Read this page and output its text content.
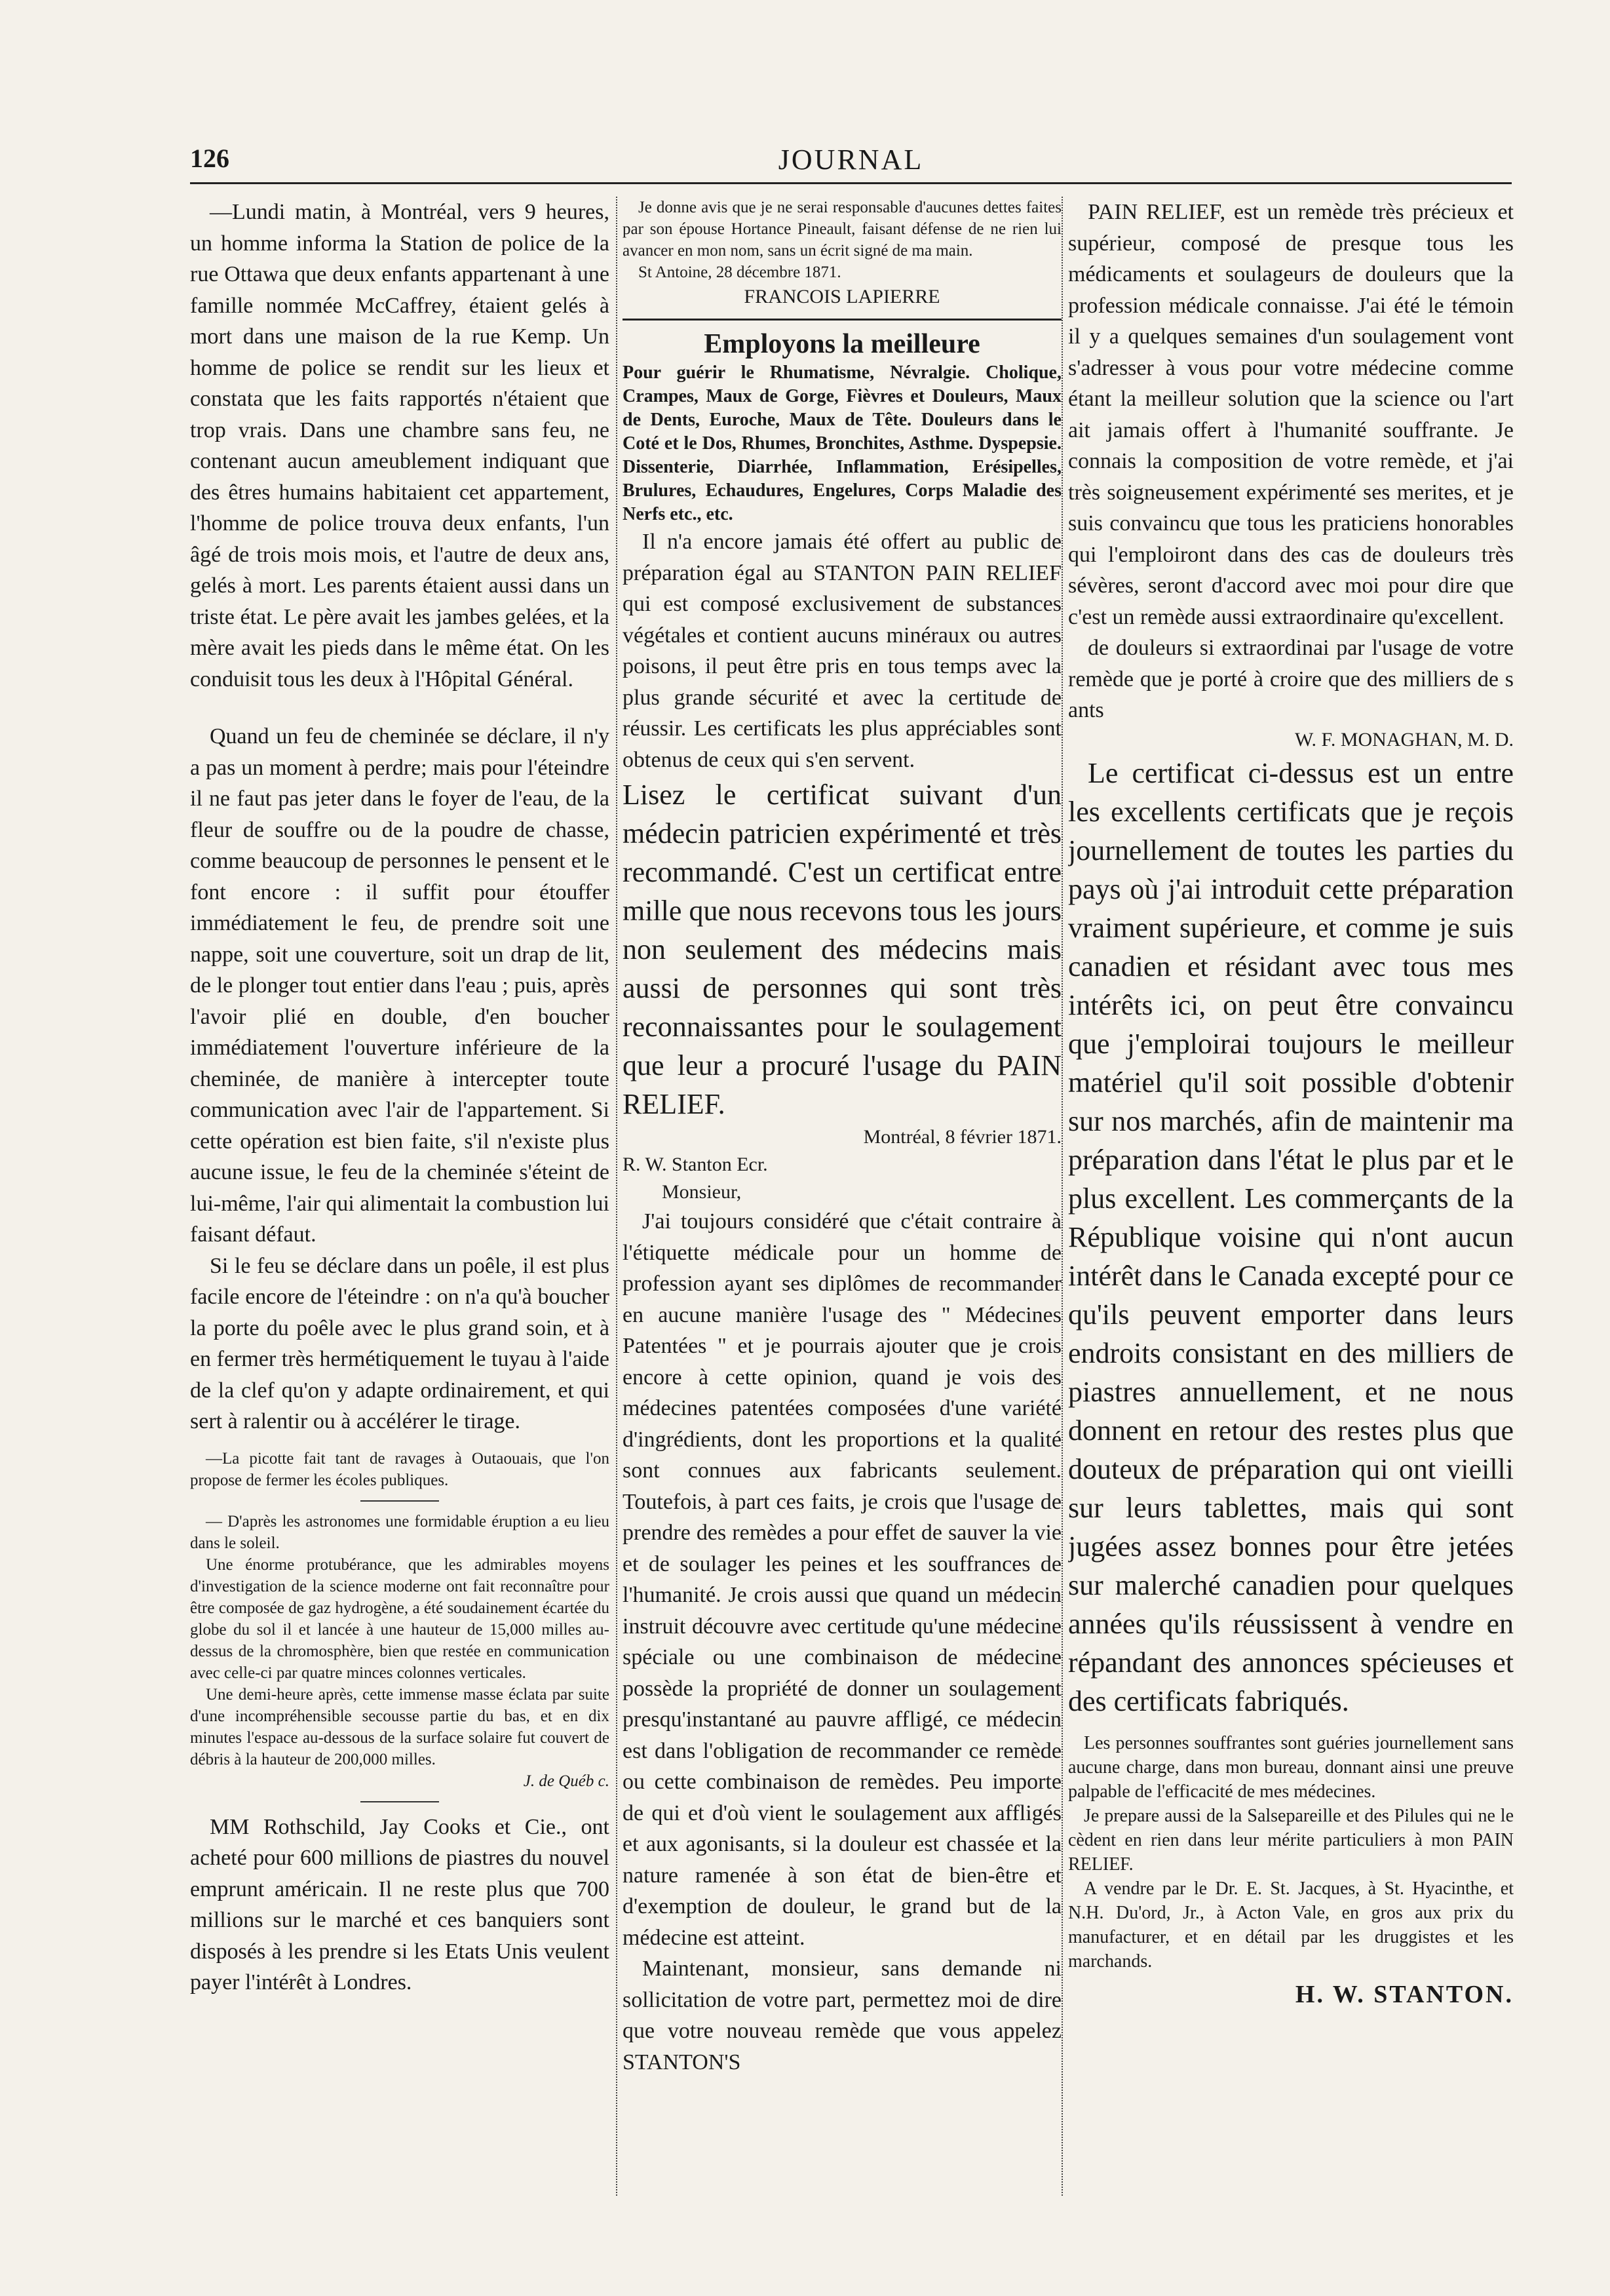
126	JOURNAL

—Lundi matin, à Montréal, vers 9 heures, un homme informa la Station de police de la rue Ottawa que deux enfants appartenant à une famille nommée McCaffrey, étaient gelés à mort dans une maison de la rue Kemp. Un homme de police se rendit sur les lieux et constata que les faits rapportés n'étaient que trop vrais. Dans une chambre sans feu, ne contenant aucun ameublement indiquant que des êtres humains habitaient cet appartement, l'homme de police trouva deux enfants, l'un âgé de trois mois mois, et l'autre de deux ans, gelés à mort. Les parents étaient aussi dans un triste état. Le père avait les jambes gelées, et la mère avait les pieds dans le même état. On les conduisit tous les deux à l'Hôpital Général.

Quand un feu de cheminée se déclare, il n'y a pas un moment à perdre; mais pour l'éteindre il ne faut pas jeter dans le foyer de l'eau, de la fleur de souffre ou de la poudre de chasse, comme beaucoup de personnes le pensent et le font encore : il suffit pour étouffer immédiatement le feu, de prendre soit une nappe, soit une couverture, soit un drap de lit, de le plonger tout entier dans l'eau ; puis, après l'avoir plié en double, d'en boucher immédiatement l'ouverture inférieure de la cheminée, de manière à intercepter toute communication avec l'air de l'appartement. Si cette opération est bien faite, s'il n'existe plus aucune issue, le feu de la cheminée s'éteint de lui-même, l'air qui alimentait la combustion lui faisant défaut.

Si le feu se déclare dans un poêle, il est plus facile encore de l'éteindre : on n'a qu'à boucher la porte du poêle avec le plus grand soin, et à en fermer très hermétiquement le tuyau à l'aide de la clef qu'on y adapte ordinairement, et qui sert à ralentir ou à accélérer le tirage.

—La picotte fait tant de ravages à Outaouais, que l'on propose de fermer les écoles publiques.

— D'après les astronomes une formidable éruption a eu lieu dans le soleil.

Une énorme protubérance, que les admirables moyens d'investigation de la science moderne ont fait reconnaître pour être composée de gaz hydrogène, a été soudainement écartée du globe du sol il et lancée à une hauteur de 15,000 milles au-dessus de la chromosphère, bien que restée en communication avec celle-ci par quatre minces colonnes verticales.

Une demi-heure après, cette immense masse éclata par suite d'une incompréhensible secousse partie du bas, et en dix minutes l'espace au-dessous de la surface solaire fut couvert de débris à la hauteur de 200,000 milles.

J. de Québ c.

MM Rothschild, Jay Cooks et Cie., ont acheté pour 600 millions de piastres du nouvel emprunt américain. Il ne reste plus que 700 millions sur le marché et ces banquiers sont disposés à les prendre si les Etats Unis veulent payer l'intérêt à Londres.

Je donne avis que je ne serai responsable d'aucunes dettes faites par son épouse Hortance Pineault, faisant défense de ne rien lui avancer en mon nom, sans un écrit signé de ma main.

St Antoine, 28 décembre 1871.

FRANCOIS LAPIERRE

Employons la meilleure

Pour guérir le Rhumatisme, Névralgie. Cholique, Crampes, Maux de Gorge, Fièvres et Douleurs, Maux de Dents, Euroche, Maux de Tête. Douleurs dans le Coté et le Dos, Rhumes, Bronchites, Asthme. Dyspepsie. Dissenterie, Diarrhée, Inflammation, Erésipelles, Brulures, Echaudures, Engelures, Corps Maladie des Nerfs etc., etc.

Il n'a encore jamais été offert au public de préparation égal au STANTON PAIN RELIEF qui est composé exclusivement de substances végétales et contient aucuns minéraux ou autres poisons, il peut être pris en tous temps avec la plus grande sécurité et avec la certitude de réussir. Les certificats les plus appréciables sont obtenus de ceux qui s'en servent.

Lisez le certificat suivant d'un médecin patricien expérimenté et très recommandé. C'est un certificat entre mille que nous recevons tous les jours non seulement des médecins mais aussi de personnes qui sont très reconnaissantes pour le soulagement que leur a procuré l'usage du PAIN RELIEF.

Montréal, 8 février 1871.

R. W. Stanton Ecr.

Monsieur,

J'ai toujours considéré que c'était contraire à l'étiquette médicale pour un homme de profession ayant ses diplômes de recommander en aucune manière l'usage des " Médecines Patentées " et je pourrais ajouter que je crois encore à cette opinion, quand je vois des médecines patentées composées d'une variété d'ingrédients, dont les proportions et la qualité sont connues aux fabricants seulement. Toutefois, à part ces faits, je crois que l'usage de prendre des remèdes a pour effet de sauver la vie et de soulager les peines et les souffrances de l'humanité. Je crois aussi que quand un médecin instruit découvre avec certitude qu'une médecine spéciale ou une combinaison de médecine possède la propriété de donner un soulagement presqu'instantané au pauvre affligé, ce médecin est dans l'obligation de recommander ce remède ou cette combinaison de remèdes. Peu importe de qui et d'où vient le soulagement aux affligés et aux agonisants, si la douleur est chassée et la nature ramenée à son état de bien-être et d'exemption de douleur, le grand but de la médecine est atteint.

Maintenant, monsieur, sans demande ni sollicitation de votre part, permettez moi de dire que votre nouveau remède que vous appelez STANTON'S

PAIN RELIEF, est un remède très précieux et supérieur, composé de presque tous les médicaments et soulageurs de douleurs que la profession médicale connaisse. J'ai été le témoin il y a quelques semaines d'un soulagement vont s'adresser à vous pour votre médecine comme étant la meilleur solution que la science ou l'art ait jamais offert à l'humanité souffrante. Je connais la composition de votre remède, et j'ai très soigneusement expérimenté ses merites, et je suis convaincu que tous les praticiens honorables qui l'emploiront dans des cas de douleurs très sévères, seront d'accord avec moi pour dire que c'est un remède aussi extraordinaire qu'excellent.

de douleurs si extraordinai par l'usage de votre remède que je porté à croire que des milliers de s ants

W. F. MONAGHAN, M. D.

Le certificat ci-dessus est un entre les excellents certificats que je reçois journellement de toutes les parties du pays où j'ai introduit cette préparation vraiment supérieure, et comme je suis canadien et résidant avec tous mes intérêts ici, on peut être convaincu que j'emploirai toujours le meilleur matériel qu'il soit possible d'obtenir sur nos marchés, afin de maintenir ma préparation dans l'état le plus par et le plus excellent. Les commerçants de la République voisine qui n'ont aucun intérêt dans le Canada excepté pour ce qu'ils peuvent emporter dans leurs endroits consistant en des milliers de piastres annuellement, et ne nous donnent en retour des restes plus que douteux de préparation qui ont vieilli sur leurs tablettes, mais qui sont jugées assez bonnes pour être jetées sur malerché canadien pour quelques années qu'ils réussissent à vendre en répandant des annonces spécieuses et des certificats fabriqués.

Les personnes souffrantes sont guéries journellement sans aucune charge, dans mon bureau, donnant ainsi une preuve palpable de l'efficacité de mes médecines.

Je prepare aussi de la Salsepareille et des Pilules qui ne le cèdent en rien dans leur mérite particuliers à mon PAIN RELIEF.

A vendre par le Dr. E. St. Jacques, à St. Hyacinthe, et N.H. Du'ord, Jr., à Acton Vale, en gros aux prix du manufacturer, et en détail par les druggistes et les marchands.

H. W. STANTON.
